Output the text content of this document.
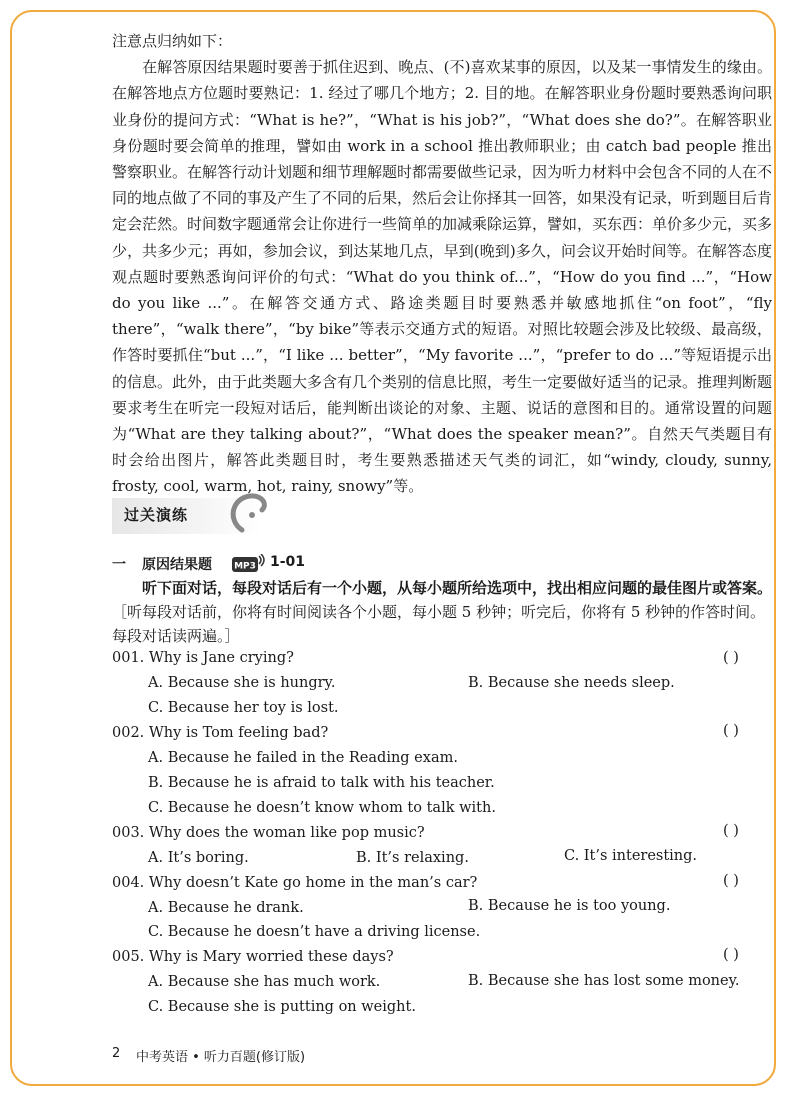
注意点归纳如下：
在解答原因结果题时要善于抓住迟到、晚点、(不)喜欢某事的原因，以及某一事情发生的缘由。在解答地点方位题时要熟记：1. 经过了哪几个地方；2. 目的地。在解答职业身份题时要熟悉询问职业身份的提问方式：“What is he?”，“What is his job?”，“What does she do?”。在解答职业身份题时要会简单的推理，譬如由 work in a school 推出教师职业；由 catch bad people 推出警察职业。在解答行动计划题和细节理解题时都需要做些记录，因为听力材料中会包含不同的人在不同的地点做了不同的事及产生了不同的后果，然后会让你择其一回答，如果没有记录，听到题目后肯定会茫然。时间数字题通常会让你进行一些简单的加减乘除运算，譬如，买东西：单价多少元，买多少，共多少元；再如，参加会议，到达某地几点，早到(晚到)多久，问会议开始时间等。在解答态度观点题时要熟悉询问评价的句式：“What do you think of...”，“How do you find ...”，“How do you like ...”。在解答交通方式、路途类题目时要熟悉并敏感地抓住“on foot”，“fly there”，“walk there”，“by bike”等表示交通方式的短语。对照比较题会涉及比较级、最高级，作答时要抓住“but ...”，“I like ... better”，“My favorite ...”，“prefer to do ...”等短语提示出的信息。此外，由于此类题大多含有几个类别的信息比照，考生一定要做好适当的记录。推理判断题要求考生在听完一段短对话后，能判断出谈论的对象、主题、说话的意图和目的。通常设置的问题为“What are they talking about?”，“What does the speaker mean?”。自然天气类题目有时会给出图片，解答此类题目时，考生要熟悉描述天气类的词汇，如“windy, cloudy, sunny, frosty, cool, warm, hot, rainy, snowy”等。

过关演练
一 原因结果题 MP3 1-01

听下面对话，每段对话后有一个小题，从每小题所给选项中，找出相应问题的最佳图片或答案。［听每段对话前，你将有时间阅读各个小题，每小题 5 秒钟；听完后，你将有 5 秒钟的作答时间。每段对话读两遍。］

001. Why is Jane crying?	( )
A. Because she is hungry.	B. Because she needs sleep.
C. Because her toy is lost.
002. Why is Tom feeling bad?	( )
A. Because he failed in the Reading exam.
B. Because he is afraid to talk with his teacher.
C. Because he doesn’t know whom to talk with.
003. Why does the woman like pop music?	( )
A. It’s boring.	B. It’s relaxing.	C. It’s interesting.
004. Why doesn’t Kate go home in the man’s car?	( )
A. Because he drank.	B. Because he is too young.
C. Because he doesn’t have a driving license.
005. Why is Mary worried these days?	( )
A. Because she has much work.	B. Because she has lost some money.
C. Because she is putting on weight.
2 中考英语 • 听力百题(修订版)
